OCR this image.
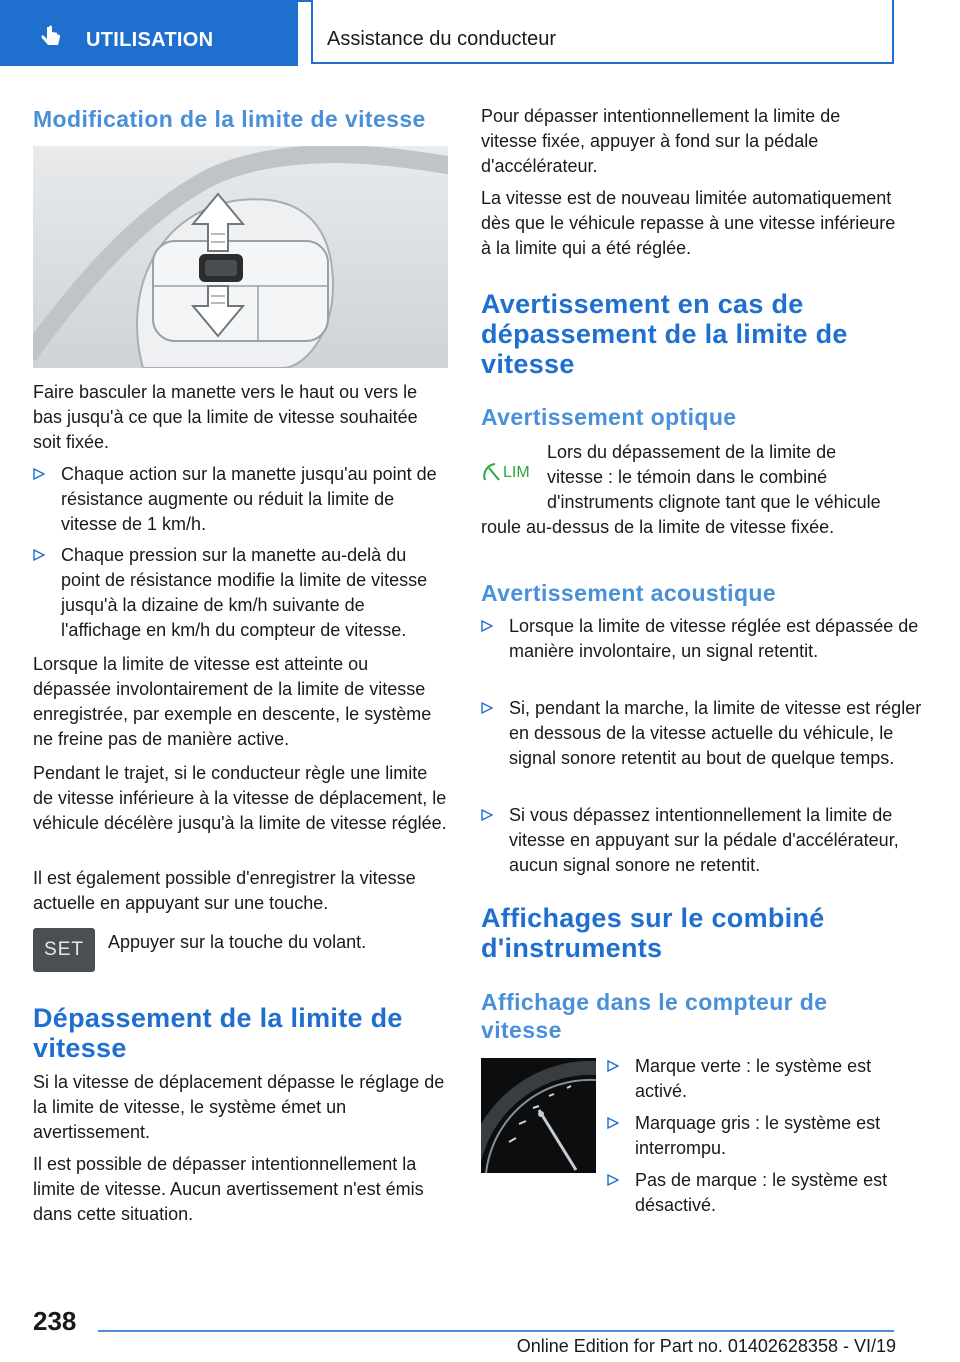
UTILISATION	Assistance du conducteur
Modification de la limite de vitesse
Faire basculer la manette vers le haut ou vers le bas jusqu'à ce que la limite de vitesse souhaitée soit fixée.
Chaque action sur la manette jusqu'au point de résistance augmente ou réduit la limite de vitesse de 1 km/h.
Chaque pression sur la manette au-delà du point de résistance modifie la limite de vitesse jusqu'à la dizaine de km/h suivante de l'affichage en km/h du compteur de vitesse.
Lorsque la limite de vitesse est atteinte ou dépassée involontairement de la limite de vitesse enregistrée, par exemple en descente, le système ne freine pas de manière active.
Pendant le trajet, si le conducteur règle une limite de vitesse inférieure à la vitesse de déplacement, le véhicule décélère jusqu'à la limite de vitesse réglée.
Il est également possible d'enregistrer la vitesse actuelle en appuyant sur une touche.
SET Appuyer sur la touche du volant.
Dépassement de la limite de vitesse
Si la vitesse de déplacement dépasse le réglage de la limite de vitesse, le système émet un avertissement.
Il est possible de dépasser intentionnellement la limite de vitesse. Aucun avertissement n'est émis dans cette situation.
Pour dépasser intentionnellement la limite de vitesse fixée, appuyer à fond sur la pédale d'accélérateur.
La vitesse est de nouveau limitée automatiquement dès que le véhicule repasse à une vitesse inférieure à la limite qui a été réglée.
Avertissement en cas de dépassement de la limite de vitesse
Avertissement optique
LIM
Lors du dépassement de la limite de vitesse : le témoin dans le combiné d'instruments clignote tant que le véhicule
roule au-dessus de la limite de vitesse fixée.
Avertissement acoustique
Lorsque la limite de vitesse réglée est dépassée de manière involontaire, un signal retentit.
Si, pendant la marche, la limite de vitesse est régler en dessous de la vitesse actuelle du véhicule, le signal sonore retentit au bout de quelque temps.
Si vous dépassez intentionnellement la limite de vitesse en appuyant sur la pédale d'accélérateur, aucun signal sonore ne retentit.
Affichages sur le combiné d'instruments
Affichage dans le compteur de vitesse
Marque verte : le système est activé.
Marquage gris : le système est interrompu.
Pas de marque : le système est désactivé.
238
Online Edition for Part no. 01402628358 - VI/19
